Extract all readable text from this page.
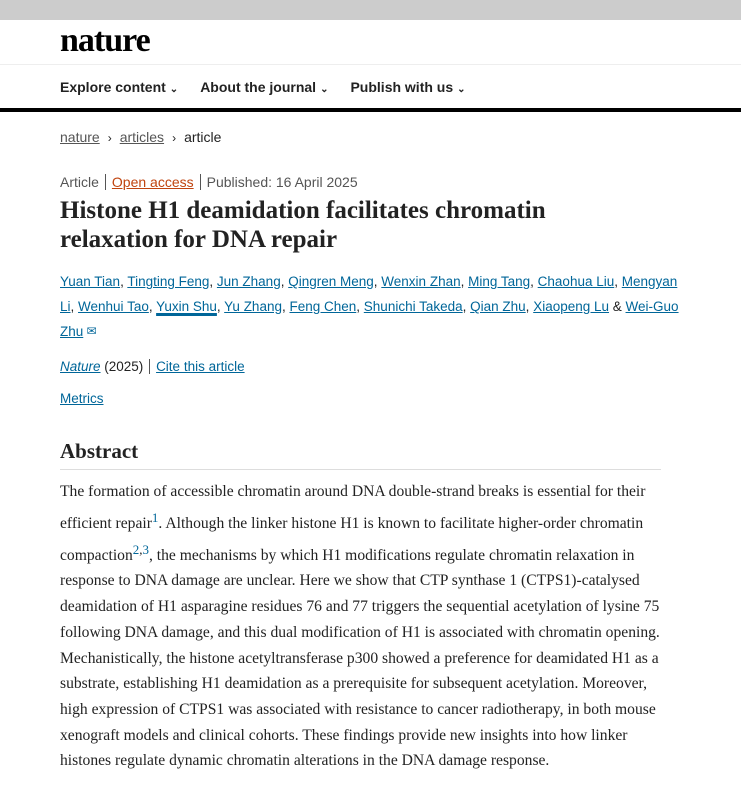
nature
Explore content ⌄ About the journal ⌄ Publish with us ⌄
nature › articles › article
Article Open access Published: 16 April 2025
Histone H1 deamidation facilitates chromatin relaxation for DNA repair
Yuan Tian, Tingting Feng, Jun Zhang, Qingren Meng, Wenxin Zhan, Ming Tang, Chaohua Liu, Mengyan Li, Wenhui Tao, Yuxin Shu, Yu Zhang, Feng Chen, Shunichi Takeda, Qian Zhu, Xiaopeng Lu & Wei-Guo Zhu ✉
Nature (2025) Cite this article
Metrics
Abstract

The formation of accessible chromatin around DNA double-strand breaks is essential for their efficient repair$^1$. Although the linker histone H1 is known to facilitate higher-order chromatin compaction$^{2,3}$, the mechanisms by which H1 modifications regulate chromatin relaxation in response to DNA damage are unclear. Here we show that CTP synthase 1 (CTPS1)-catalysed deamidation of H1 asparagine residues 76 and 77 triggers the sequential acetylation of lysine 75 following DNA damage, and this dual modification of H1 is associated with chromatin opening. Mechanistically, the histone acetyltransferase p300 showed a preference for deamidated H1 as a substrate, establishing H1 deamidation as a prerequisite for subsequent acetylation. Moreover, high expression of CTPS1 was associated with resistance to cancer radiotherapy, in both mouse xenograft models and clinical cohorts. These findings provide new insights into how linker histones regulate dynamic chromatin alterations in the DNA damage response.
